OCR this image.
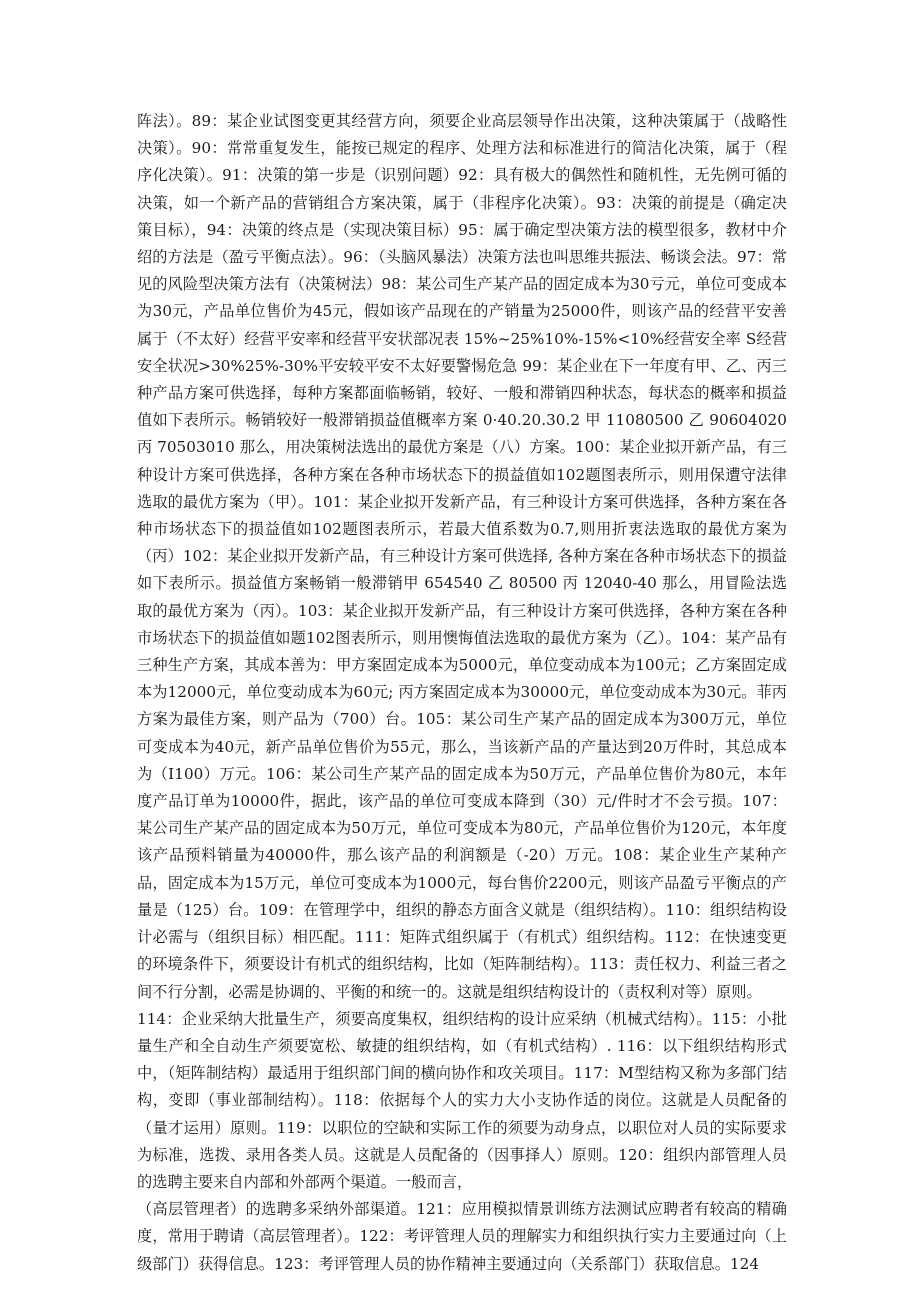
阵法）。89：某企业试图变更其经营方向，须要企业高层领导作出决策，这种决策属于（战略性决策）。90：常常重复发生，能按已规定的程序、处理方法和标准进行的简洁化决策，属于（程序化决策）。91：决策的第一步是（识别问题）92：具有极大的偶然性和随机性，无先例可循的决策，如一个新产品的营销组合方案决策，属于（非程序化决策）。93：决策的前提是（确定决策目标），94：决策的终点是（实现决策目标）95：属于确定型决策方法的模型很多，教材中介绍的方法是（盈亏平衡点法）。96：（头脑风暴法）决策方法也叫思维共振法、畅谈会法。97：常见的风险型决策方法有（决策树法）98：某公司生产某产品的固定成本为30亏元，单位可变成本为30元，产品单位售价为45元，假如该产品现在的产销量为25000件，则该产品的经营平安善属于（不太好）经营平安率和经营平安状部况表 15%~25%10%-15%<10%经营安全率 S经营安全状况>30%25%-30%平安较平安不太好要警惕危急 99：某企业在下一年度有甲、乙、丙三种产品方案可供选择，每种方案都面临畅销，较好、一般和滞销四种状态，每状态的概率和损益值如下表所示。畅销较好一般滞销损益值概率方案 0·40.20.30.2 甲 11080500 乙 90604020 丙 70503010 那么，用决策树法选出的最优方案是（八）方案。100：某企业拟开新产品，有三种设计方案可供选择，各种方案在各种市场状态下的损益值如102题图表所示，则用保遭守法律选取的最优方案为（甲）。101：某企业拟开发新产品，有三种设计方案可供选择，各种方案在各种市场状态下的损益值如102题图表所示，若最大值系数为0.7,则用折衷法选取的最优方案为（丙）102：某企业拟开发新产品，有三种设计方案可供选择, 各种方案在各种市场状态下的损益如下表所示。损益值方案畅销一般滞销甲 654540 乙 80500 丙 12040-40 那么，用冒险法选取的最优方案为（丙）。103：某企业拟开发新产品，有三种设计方案可供选择，各种方案在各种市场状态下的损益值如题102图表所示，则用懊悔值法选取的最优方案为（乙）。104：某产品有三种生产方案，其成本善为：甲方案固定成本为5000元，单位变动成本为100元；乙方案固定成本为12000元，单位变动成本为60元; 丙方案固定成本为30000元，单位变动成本为30元。菲丙方案为最佳方案，则产品为（700）台。105：某公司生产某产品的固定成本为300万元，单位可变成本为40元，新产品单位售价为55元，那么，当该新产品的产量达到20万件时，其总成本为（I100）万元。106：某公司生产某产品的固定成本为50万元，产品单位售价为80元，本年度产品订单为10000件，据此，该产品的单位可变成本降到（30）元/件时才不会亏损。107：某公司生产某产品的固定成本为50万元，单位可变成本为80元，产品单位售价为120元，本年度该产品预料销量为40000件，那么该产品的利润额是（-20）万元。108：某企业生产某种产品，固定成本为15万元，单位可变成本为1000元，每台售价2200元，则该产品盈亏平衡点的产量是（125）台。109：在管理学中，组织的静态方面含义就是（组织结构）。110：组织结构设计必需与（组织目标）相匹配。111：矩阵式组织属于（有机式）组织结构。112：在快速变更的环境条件下，须要设计有机式的组织结构，比如（矩阵制结构）。113：责任权力、利益三者之间不行分割，必需是协调的、平衡的和统一的。这就是组织结构设计的（责权利对等）原则。

114：企业采纳大批量生产，须要高度集权，组织结构的设计应采纳（机械式结构）。115：小批量生产和全自动生产须要宽松、敏捷的组织结构，如（有机式结构）. 116：以下组织结构形式中，（矩阵制结构）最适用于组织部门间的横向协作和攻关项目。117：M型结构又称为多部门结构，变即（事业部制结构）。118：依据每个人的实力大小支协作适的岗位。这就是人员配备的（量才运用）原则。119：以职位的空缺和实际工作的须要为动身点，以职位对人员的实际要求为标准，选拨、录用各类人员。这就是人员配备的（因事择人）原则。120：组织内部管理人员的选聘主要来自内部和外部两个渠道。一般而言，

（高层管理者）的选聘多采纳外部渠道。121：应用模拟情景训练方法测试应聘者有较高的精确度，常用于聘请（高层管理者）。122：考评管理人员的理解实力和组织执行实力主要通过向（上级部门）获得信息。123：考评管理人员的协作精神主要通过向（关系部门）获取信息。124
